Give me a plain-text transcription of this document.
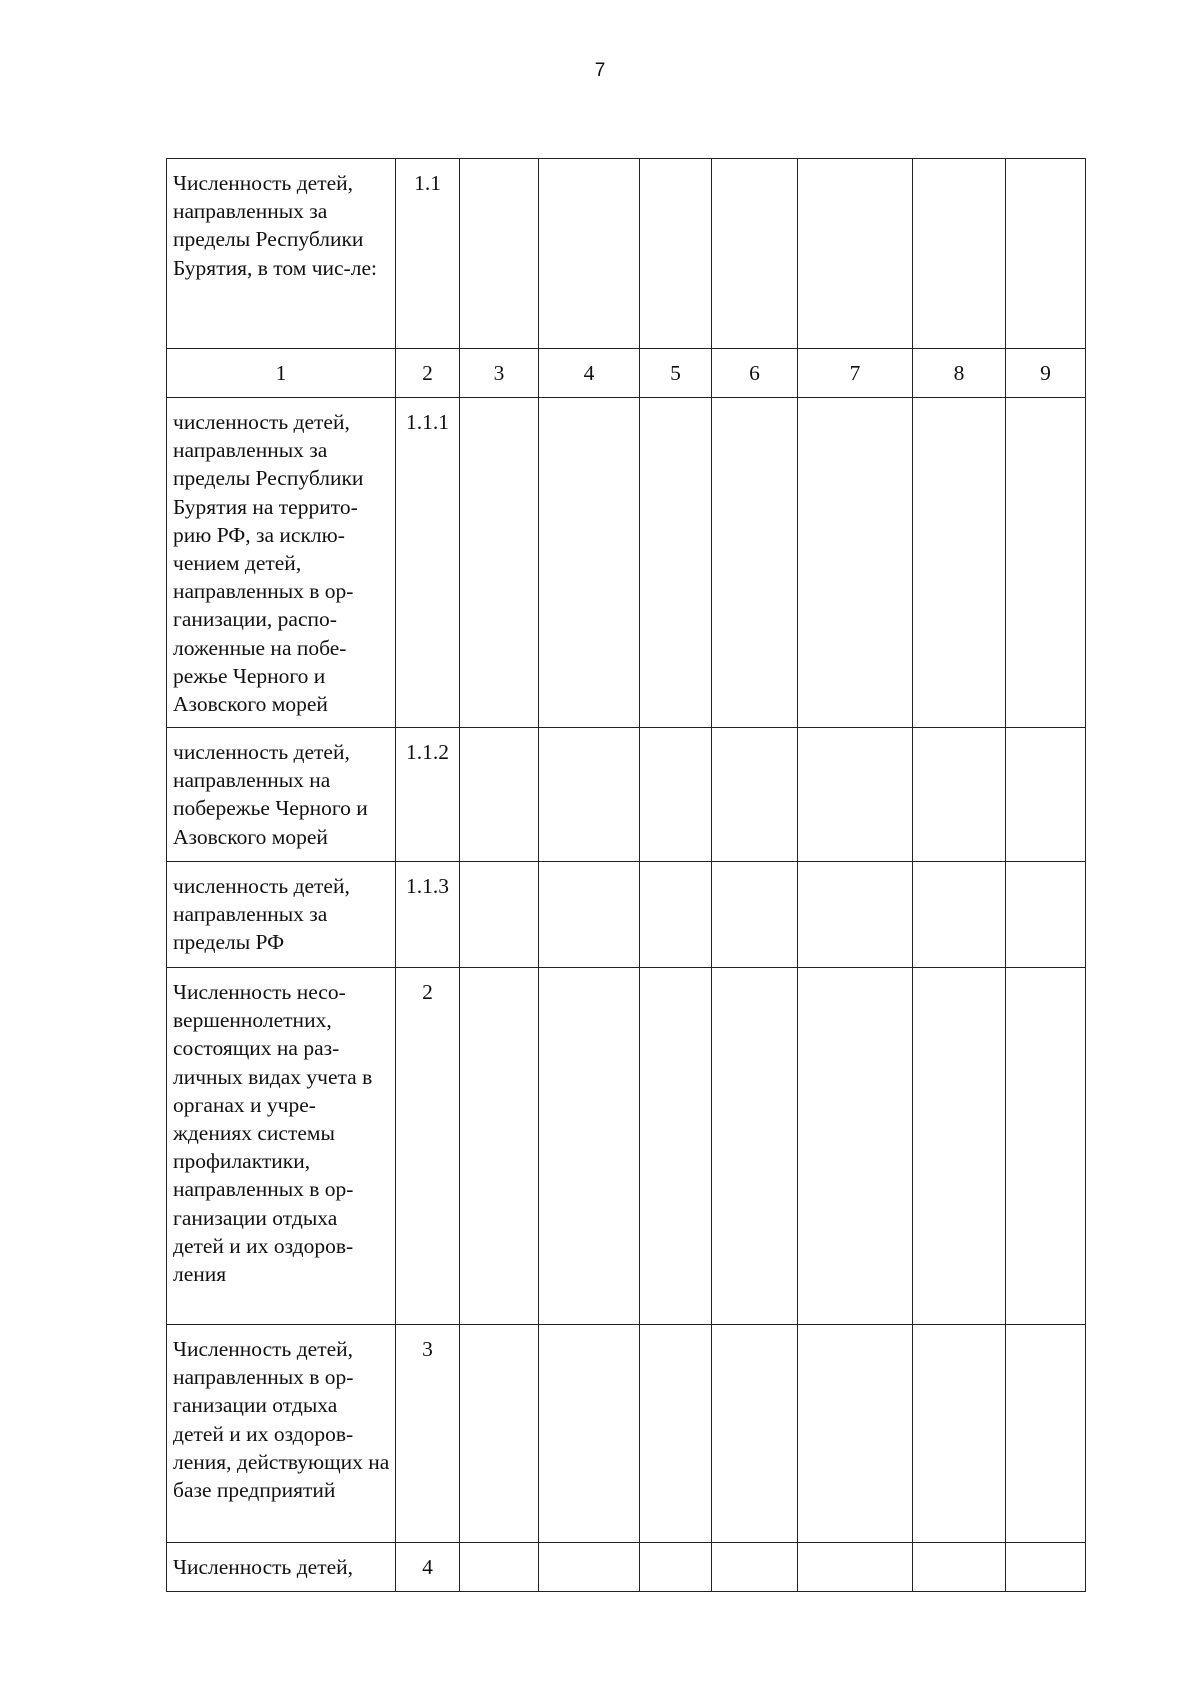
7
Численность детей, направленных за пределы Республики Бурятия, в том чис-ле:	1.1							
1	2	3	4	5	6	7	8	9
численность детей, направленных за пределы Республики Бурятия на террито-рию РФ, за исклю-чением детей, направленных в ор-ганизации, распо-ложенные на побе-режье Черного и Азовского морей	1.1.1							
численность детей, направленных на побережье Черного и Азовского морей	1.1.2							
численность детей, направленных за пределы РФ	1.1.3							
Численность несо-вершеннолетних, состоящих на раз-личных видах учета в органах и учре-ждениях системы профилактики, направленных в ор-ганизации отдыха детей и их оздоров-ления	2							
Численность детей, направленных в ор-ганизации отдыха детей и их оздоров-ления, действующих на базе предприятий	3							
Численность детей,	4							
